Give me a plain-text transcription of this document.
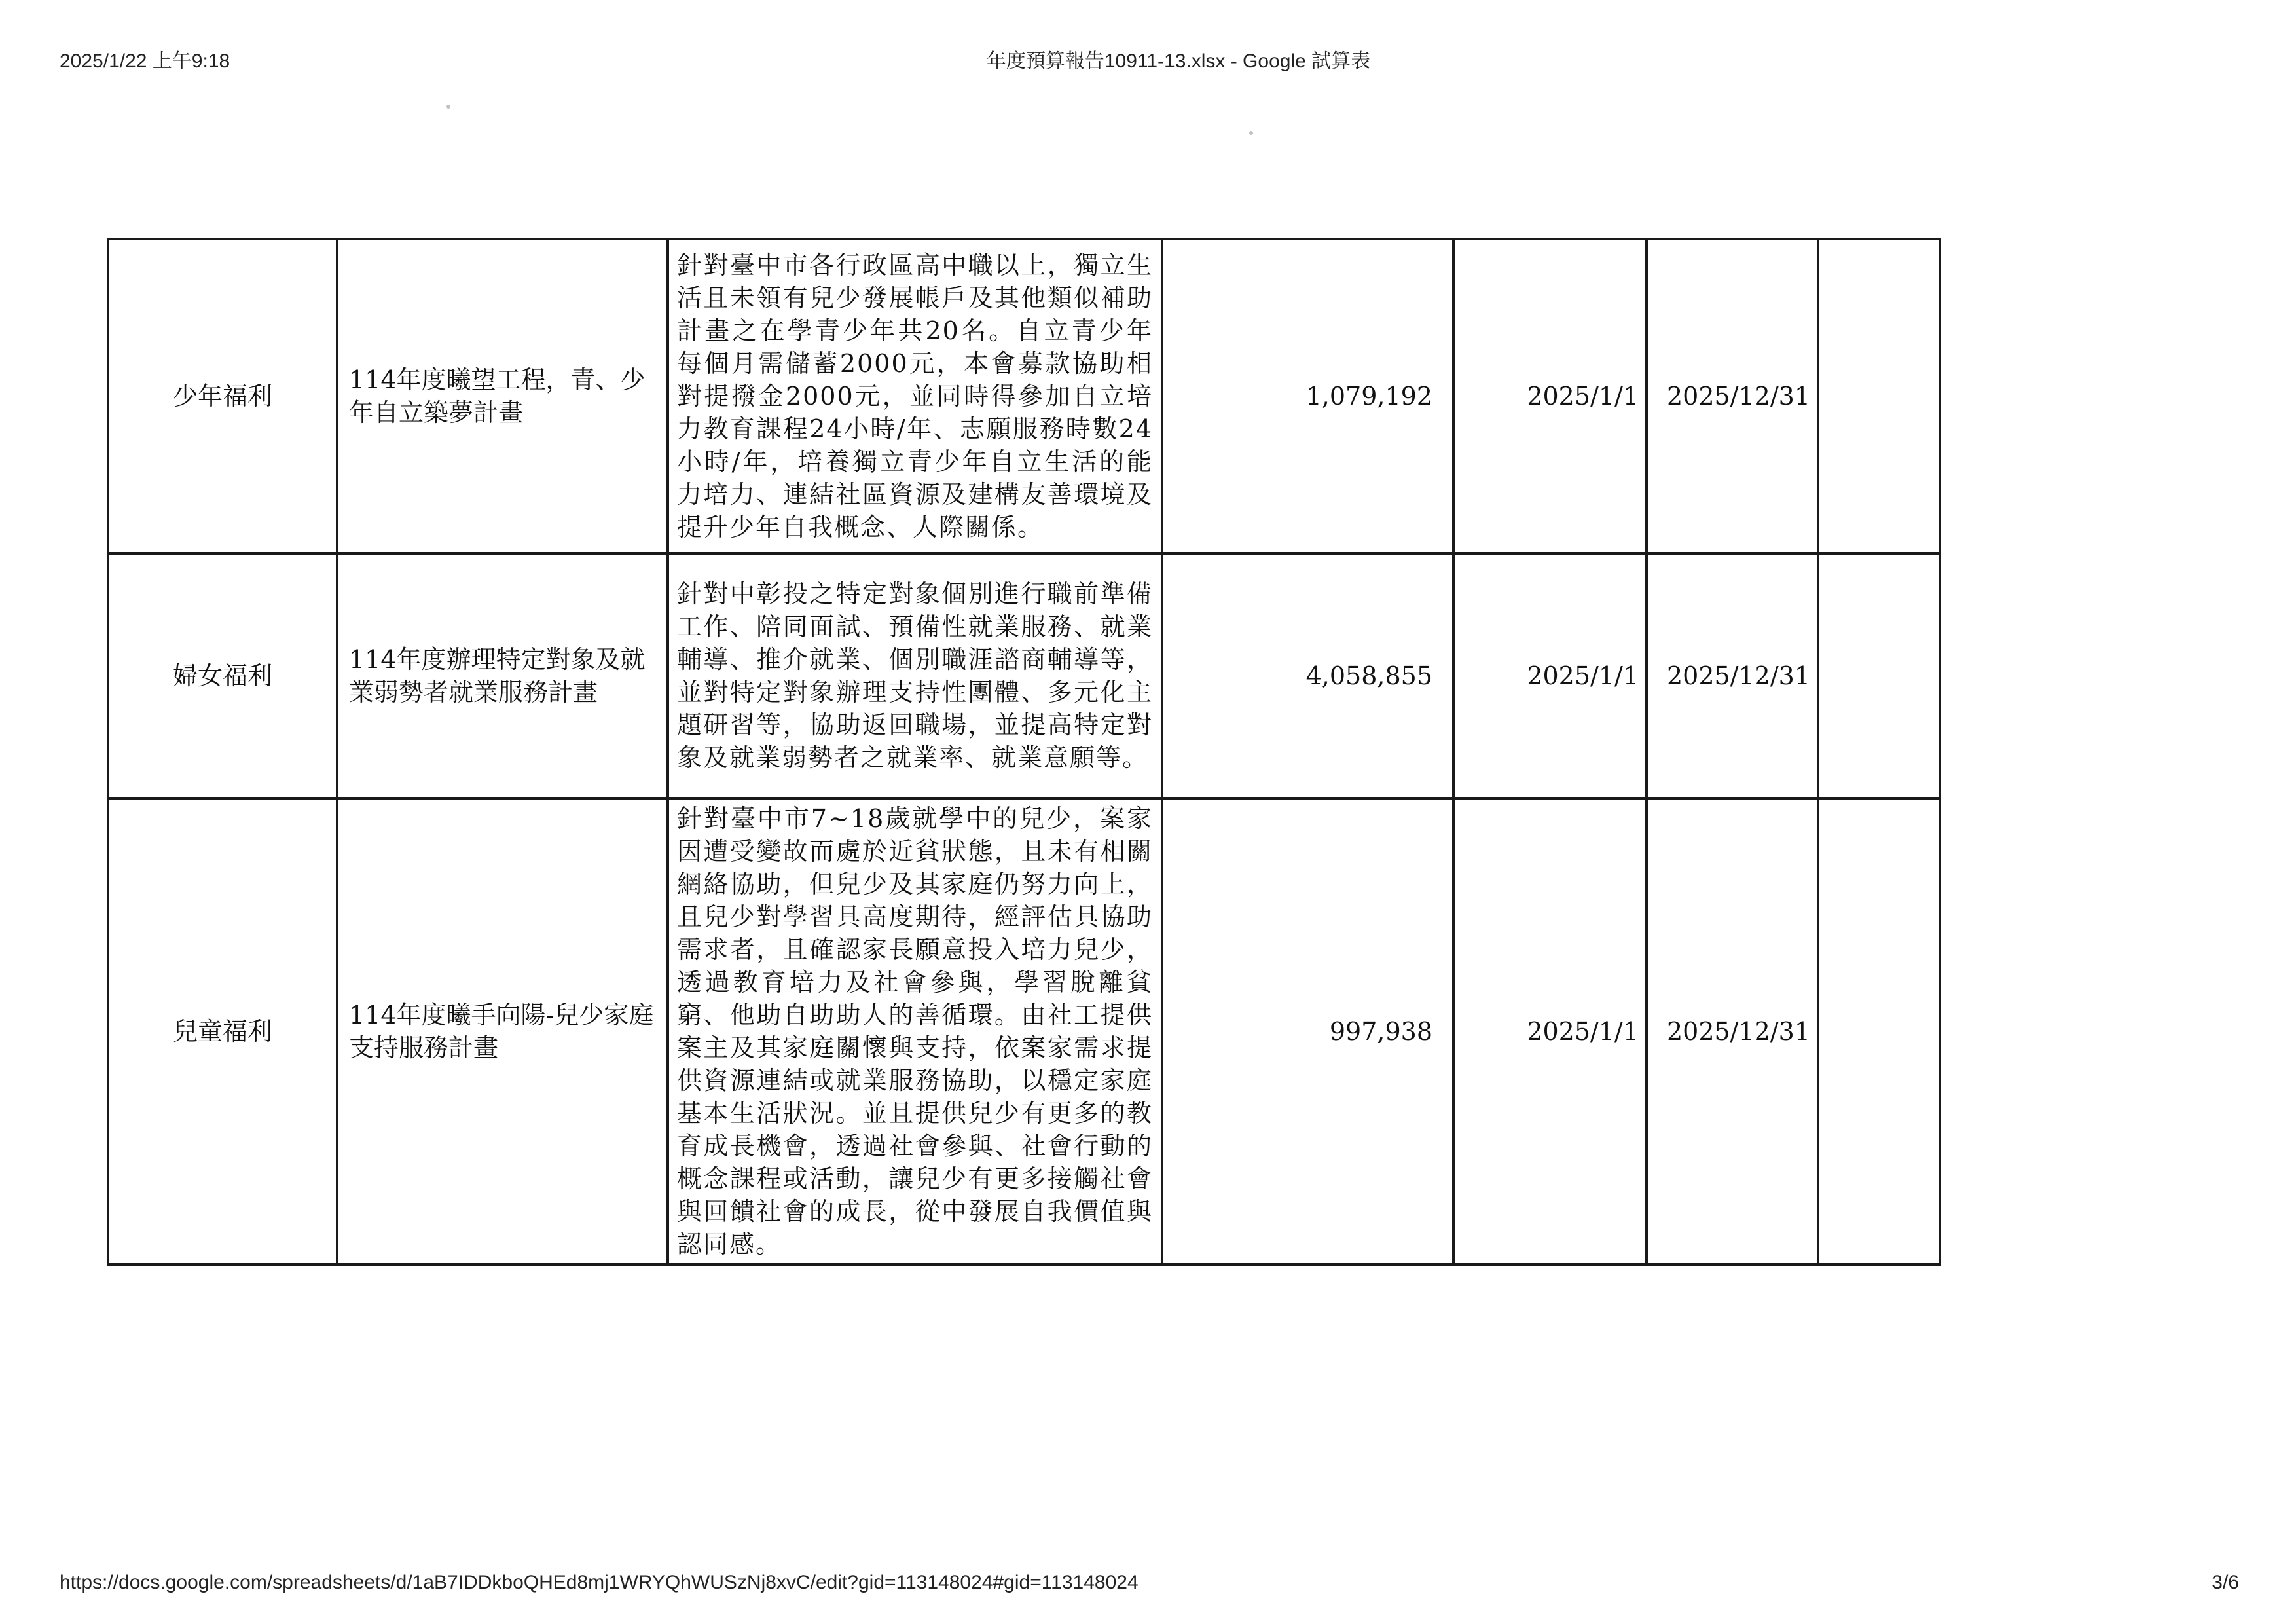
2025/1/22 上午9:18	年度預算報告10911-13.xlsx - Google 試算表
少年福利	114年度曦望工程，青、少年自立築夢計畫	針對臺中市各行政區高中職以上，獨立生活且未領有兒少發展帳戶及其他類似補助計畫之在學青少年共20名。自立青少年每個月需儲蓄2000元，本會募款協助相對提撥金2000元，並同時得參加自立培力教育課程24小時/年、志願服務時數24小時/年，培養獨立青少年自立生活的能力培力、連結社區資源及建構友善環境及提升少年自我概念、人際關係。	1,079,192	2025/1/1	2025/12/31	
婦女福利	114年度辦理特定對象及就業弱勢者就業服務計畫	針對中彰投之特定對象個別進行職前準備工作、陪同面試、預備性就業服務、就業輔導、推介就業、個別職涯諮商輔導等，並對特定對象辦理支持性團體、多元化主題研習等，協助返回職場，並提高特定對象及就業弱勢者之就業率、就業意願等。	4,058,855	2025/1/1	2025/12/31	
兒童福利	114年度曦手向陽-兒少家庭支持服務計畫	針對臺中市7~18歲就學中的兒少，案家因遭受變故而處於近貧狀態，且未有相關網絡協助，但兒少及其家庭仍努力向上，且兒少對學習具高度期待，經評估具協助需求者，且確認家長願意投入培力兒少，透過教育培力及社會參與，學習脫離貧窮、他助自助助人的善循環。由社工提供案主及其家庭關懷與支持，依案家需求提供資源連結或就業服務協助，以穩定家庭基本生活狀況。並且提供兒少有更多的教育成長機會，透過社會參與、社會行動的概念課程或活動，讓兒少有更多接觸社會與回饋社會的成長，從中發展自我價值與認同感。	997,938	2025/1/1	2025/12/31	
https://docs.google.com/spreadsheets/d/1aB7IDDkboQHEd8mj1WRYQhWUSzNj8xvC/edit?gid=113148024#gid=113148024	3/6
